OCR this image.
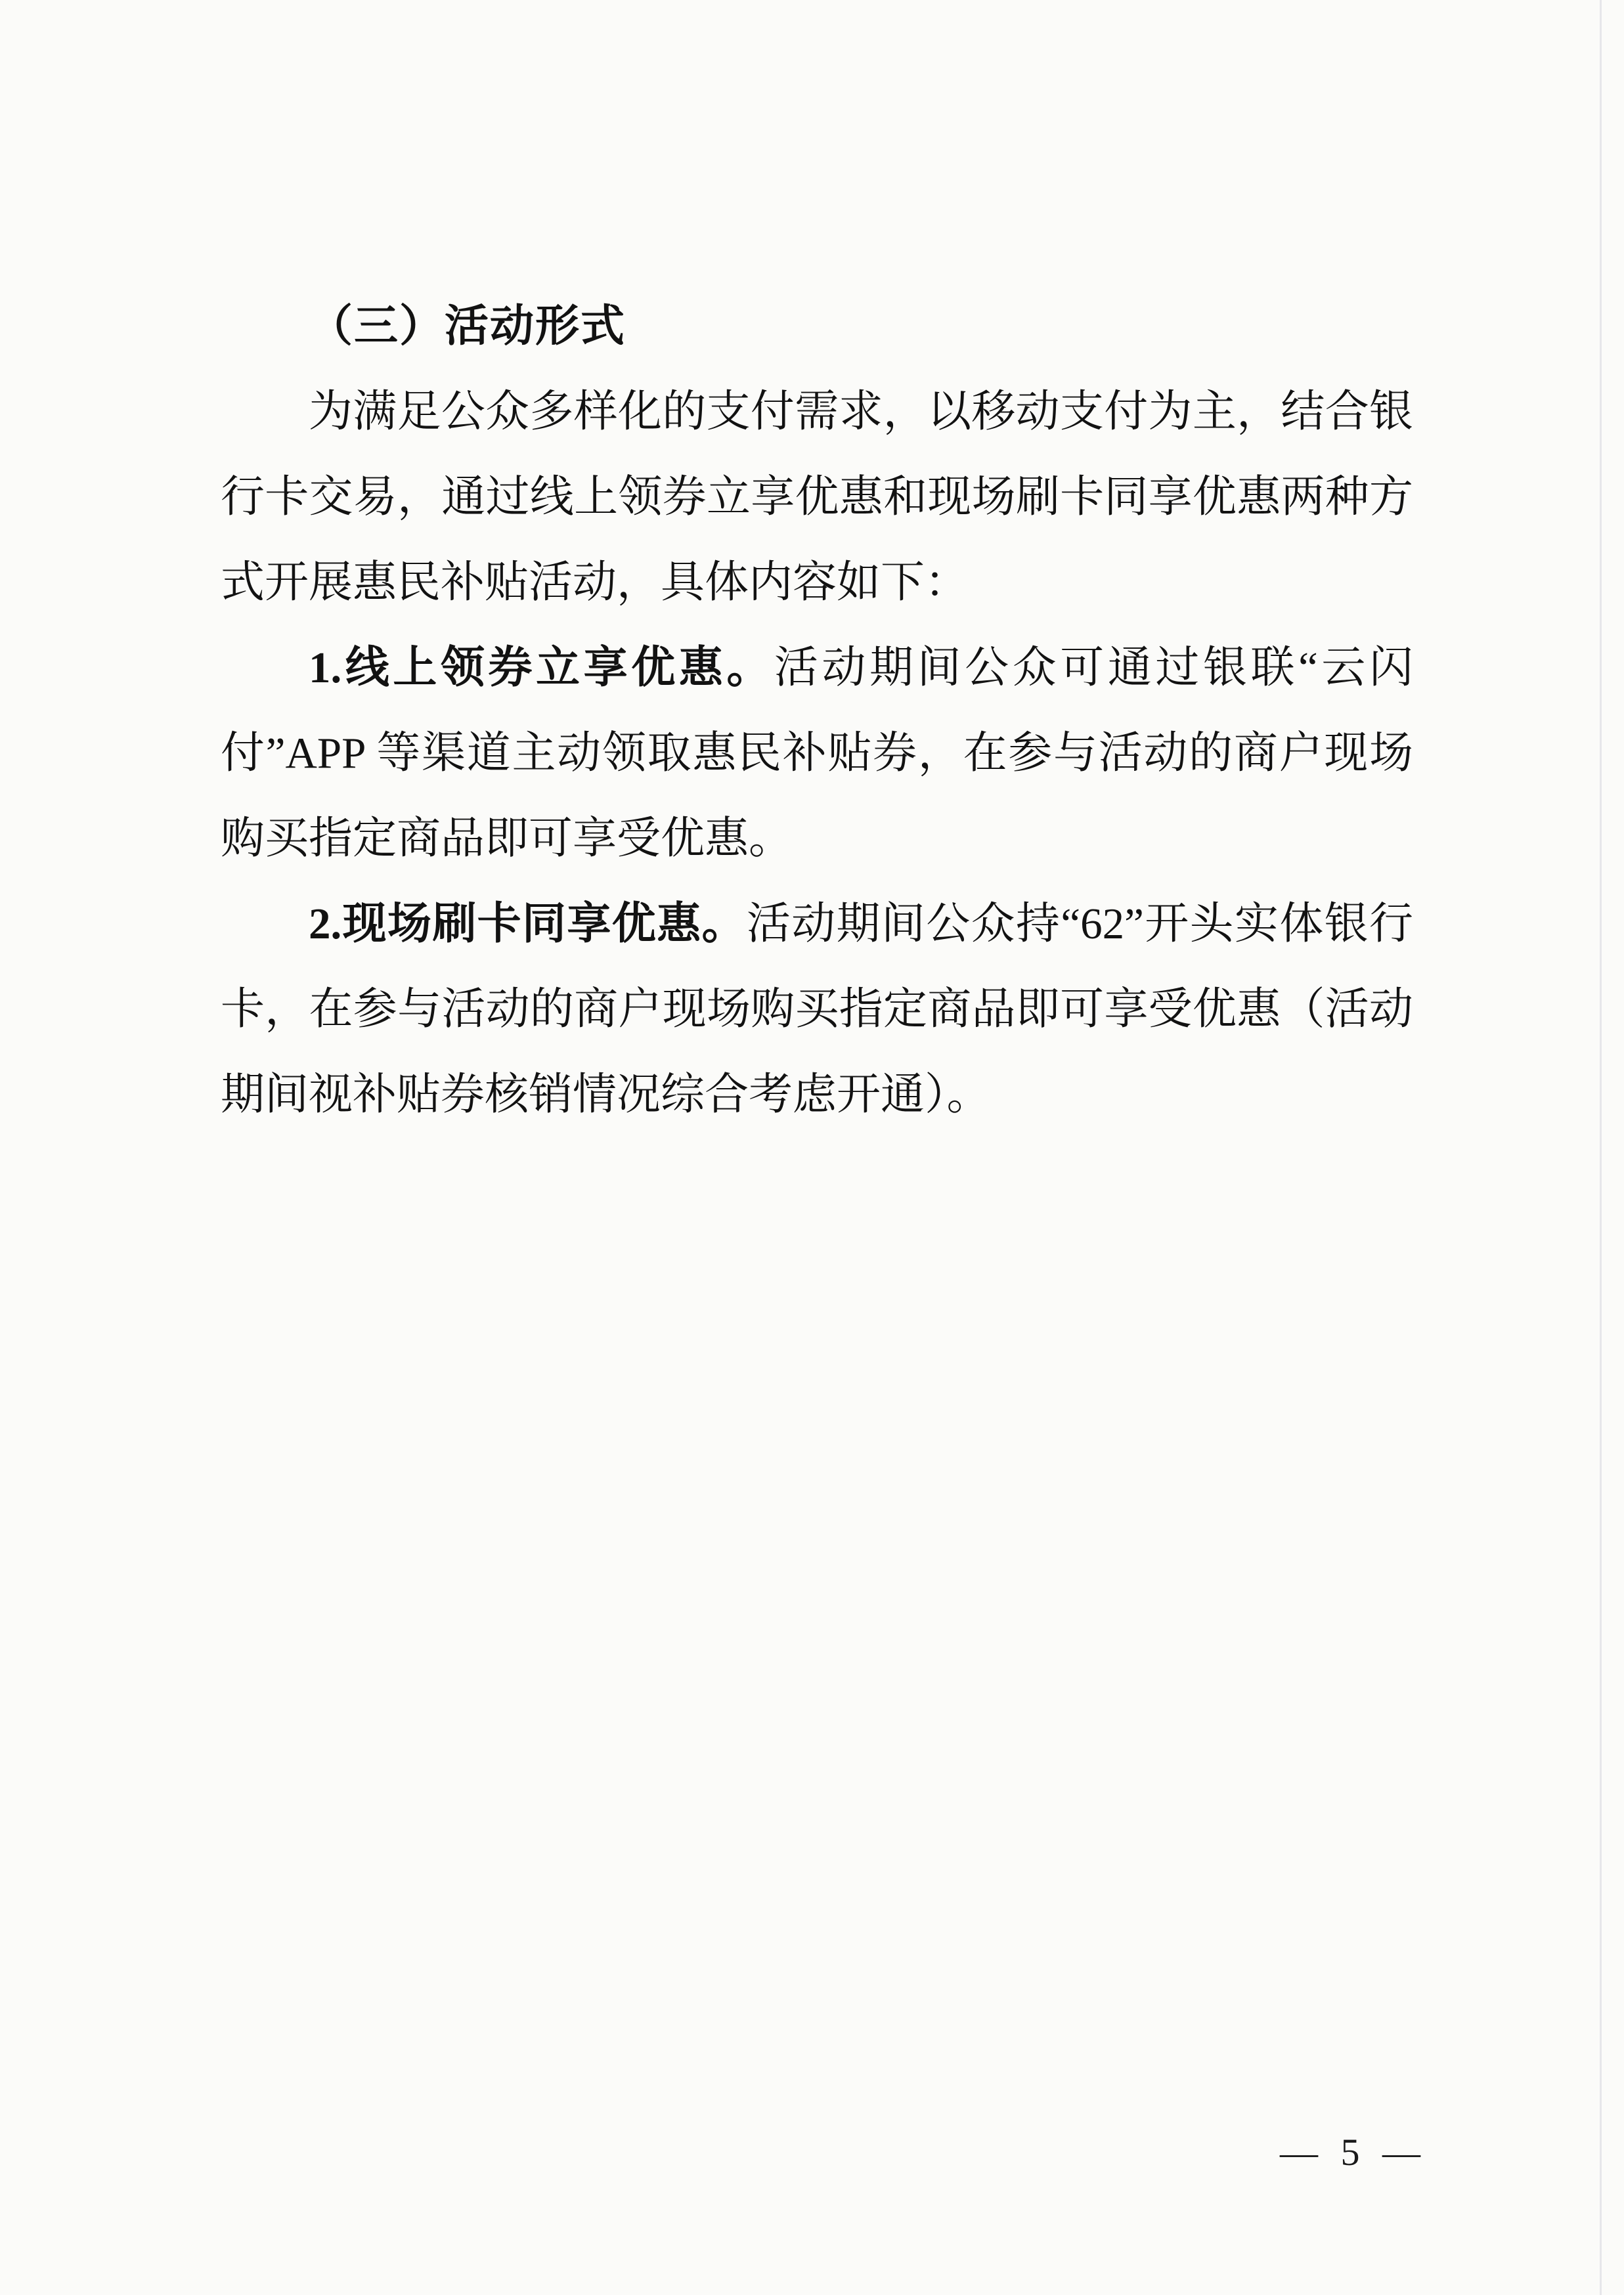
（三）活动形式

为满足公众多样化的支付需求，以移动支付为主，结合银行卡交易，通过线上领券立享优惠和现场刷卡同享优惠两种方式开展惠民补贴活动，具体内容如下：

1.线上领券立享优惠。活动期间公众可通过银联“云闪付”APP 等渠道主动领取惠民补贴券，在参与活动的商户现场购买指定商品即可享受优惠。

2.现场刷卡同享优惠。活动期间公众持“62”开头实体银行卡，在参与活动的商户现场购买指定商品即可享受优惠（活动期间视补贴券核销情况综合考虑开通）。

— 5 —
